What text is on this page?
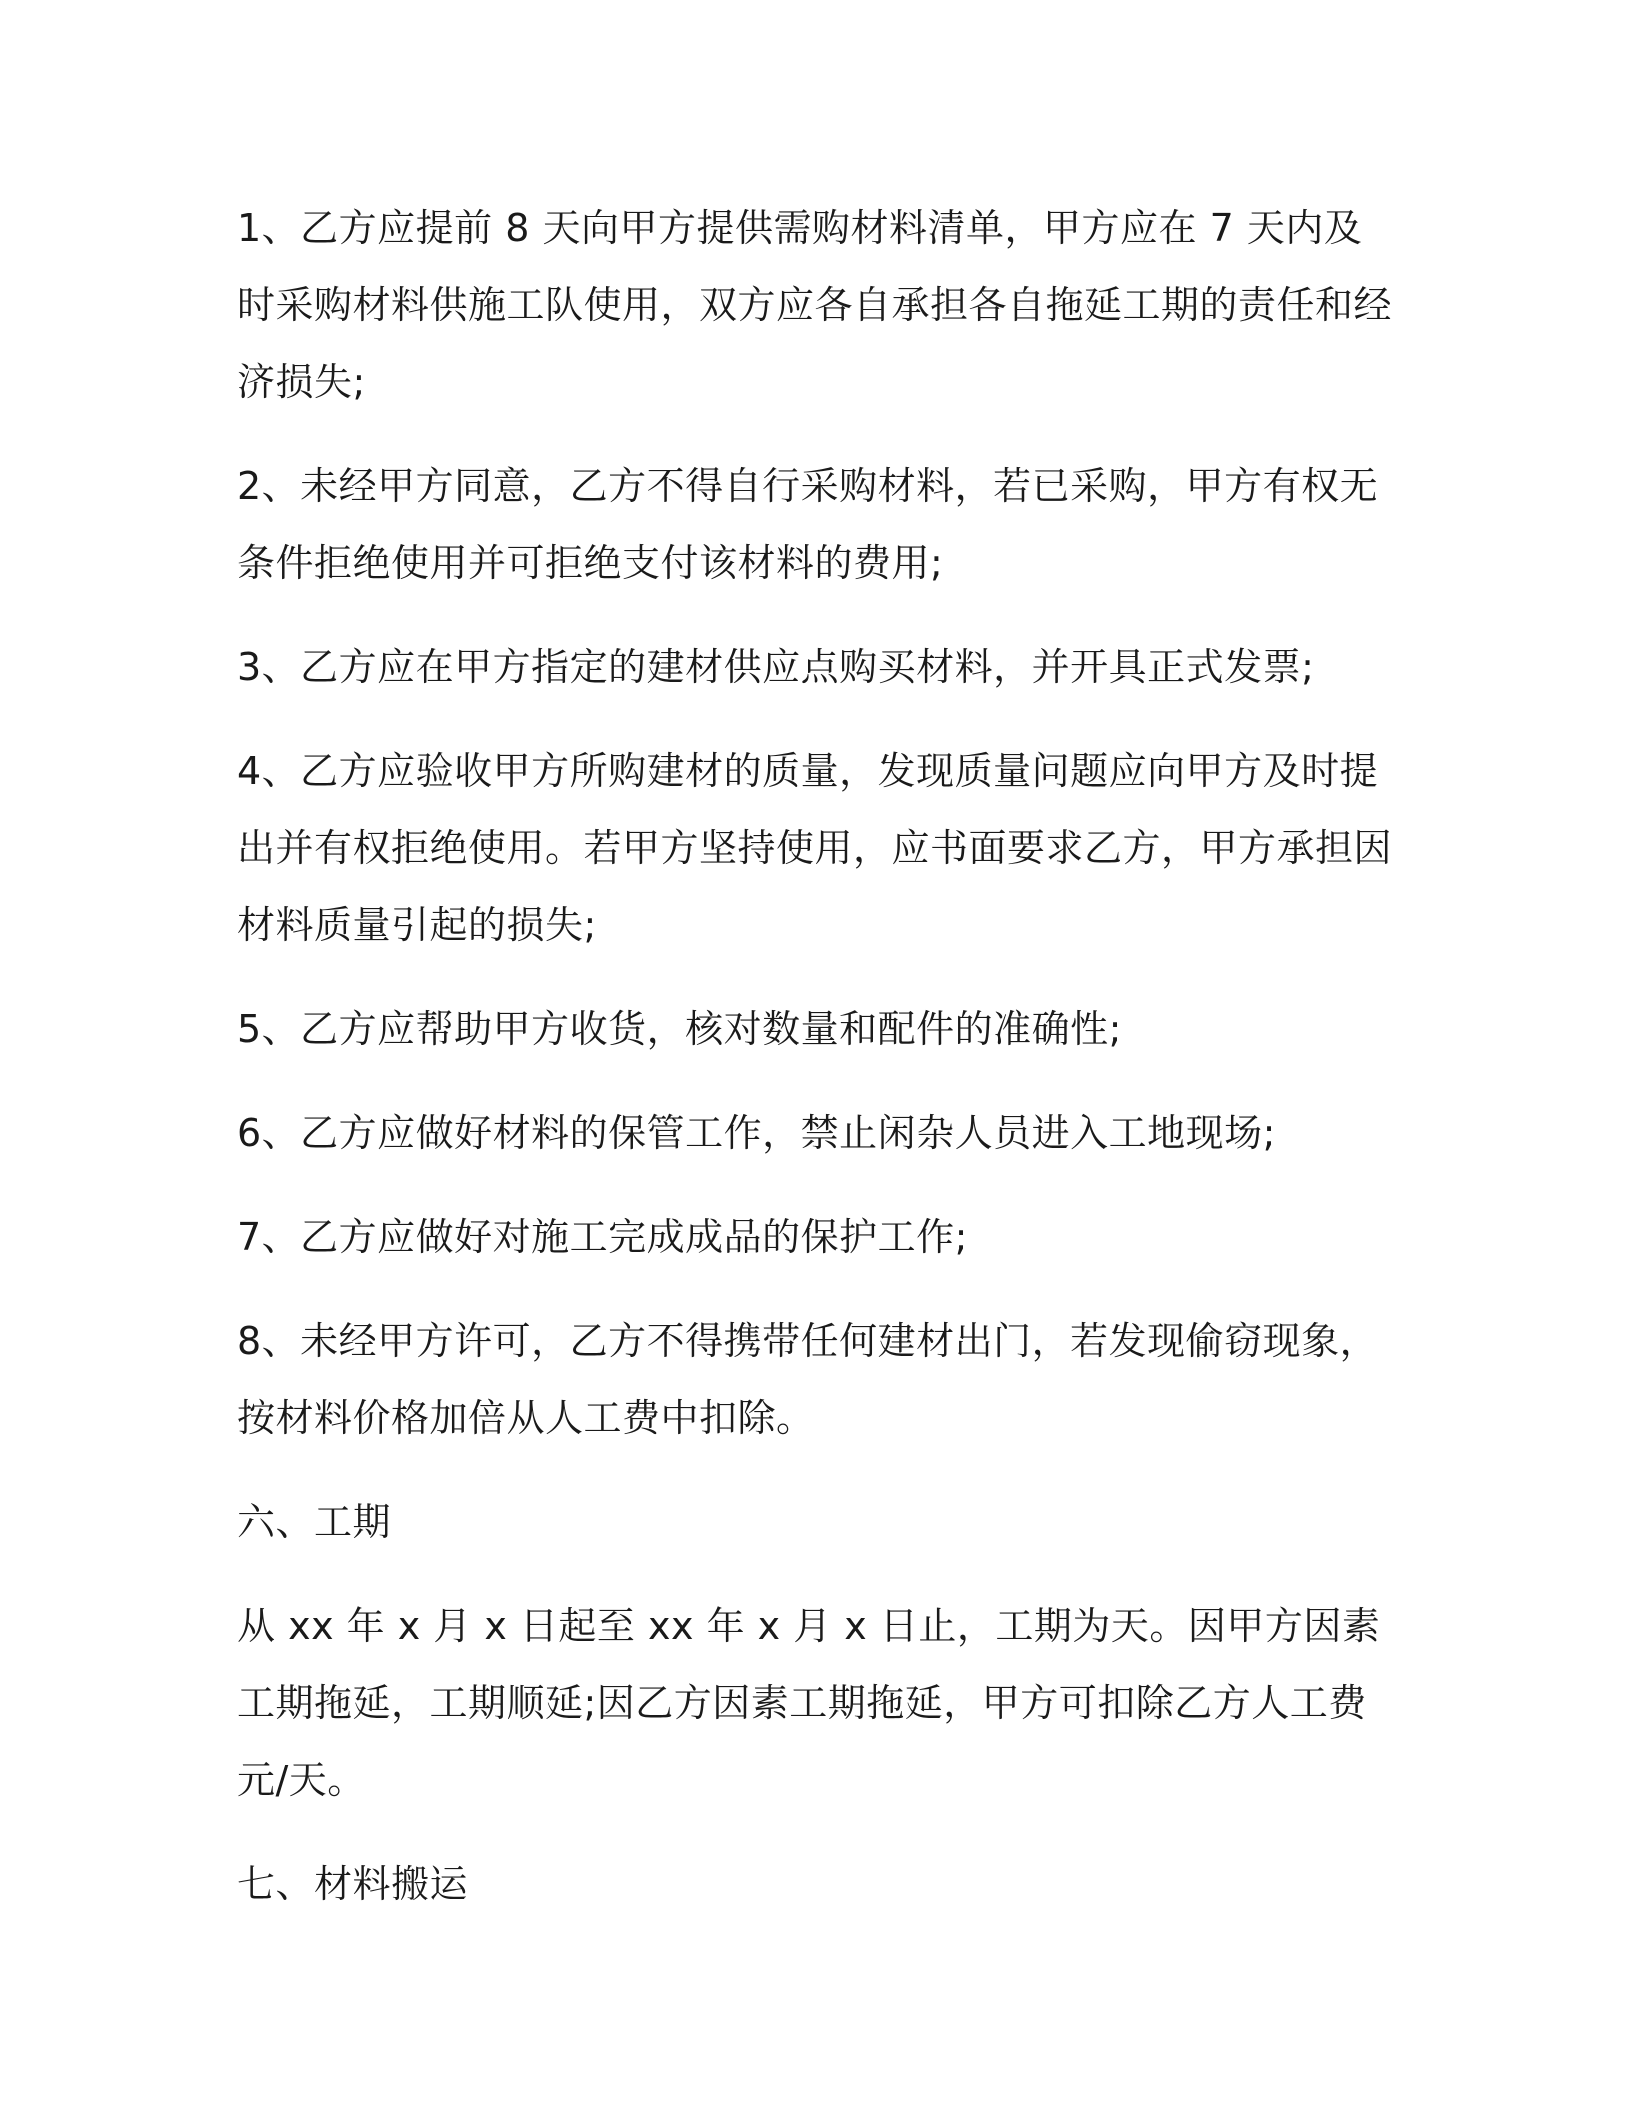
1、乙方应提前 8 天向甲方提供需购材料清单，甲方应在 7 天内及时采购材料供施工队使用，双方应各自承担各自拖延工期的责任和经济损失;

2、未经甲方同意，乙方不得自行采购材料，若已采购，甲方有权无条件拒绝使用并可拒绝支付该材料的费用;

3、乙方应在甲方指定的建材供应点购买材料，并开具正式发票;

4、乙方应验收甲方所购建材的质量，发现质量问题应向甲方及时提出并有权拒绝使用。若甲方坚持使用，应书面要求乙方，甲方承担因材料质量引起的损失;

5、乙方应帮助甲方收货，核对数量和配件的准确性;

6、乙方应做好材料的保管工作，禁止闲杂人员进入工地现场;

7、乙方应做好对施工完成成品的保护工作;

8、未经甲方许可，乙方不得携带任何建材出门，若发现偷窃现象，按材料价格加倍从人工费中扣除。

六、工期

从 xx 年 x 月 x 日起至 xx 年 x 月 x 日止，工期为天。因甲方因素工期拖延，工期顺延;因乙方因素工期拖延，甲方可扣除乙方人工费元/天。

七、材料搬运
